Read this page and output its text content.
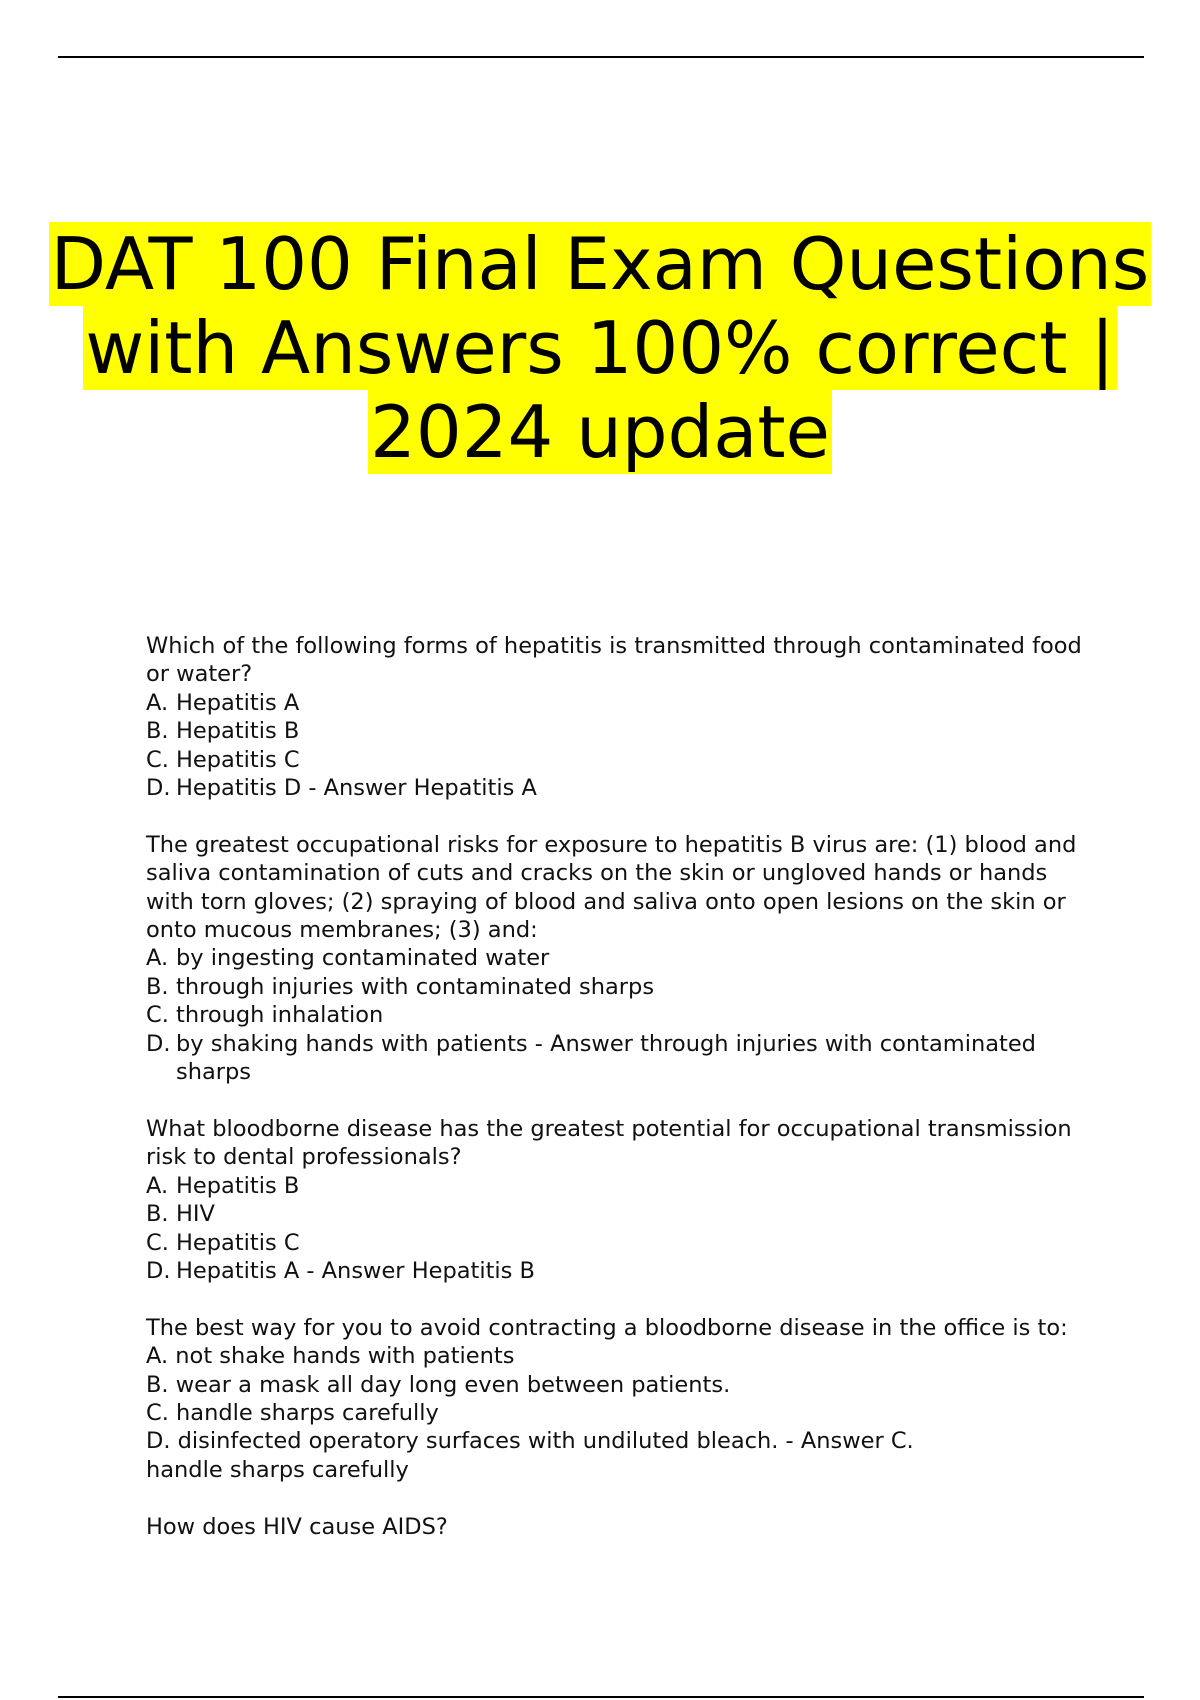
DAT 100 Final Exam Questions with Answers 100% correct | 2024 update
Which of the following forms of hepatitis is transmitted through contaminated food or water?
A. Hepatitis A
B. Hepatitis B
C. Hepatitis C
D. Hepatitis D - Answer Hepatitis A
The greatest occupational risks for exposure to hepatitis B virus are: (1) blood and saliva contamination of cuts and cracks on the skin or ungloved hands or hands with torn gloves; (2) spraying of blood and saliva onto open lesions on the skin or onto mucous membranes; (3) and:
A. by ingesting contaminated water
B. through injuries with contaminated sharps
C. through inhalation
D. by shaking hands with patients - Answer through injuries with contaminated sharps
What bloodborne disease has the greatest potential for occupational transmission risk to dental professionals?
A. Hepatitis B
B. HIV
C. Hepatitis C
D. Hepatitis A - Answer Hepatitis B
The best way for you to avoid contracting a bloodborne disease in the office is to:
A. not shake hands with patients
B. wear a mask all day long even between patients.
C. handle sharps carefully
D. disinfected operatory surfaces with undiluted bleach. - Answer C.
handle sharps carefully
How does HIV cause AIDS?
